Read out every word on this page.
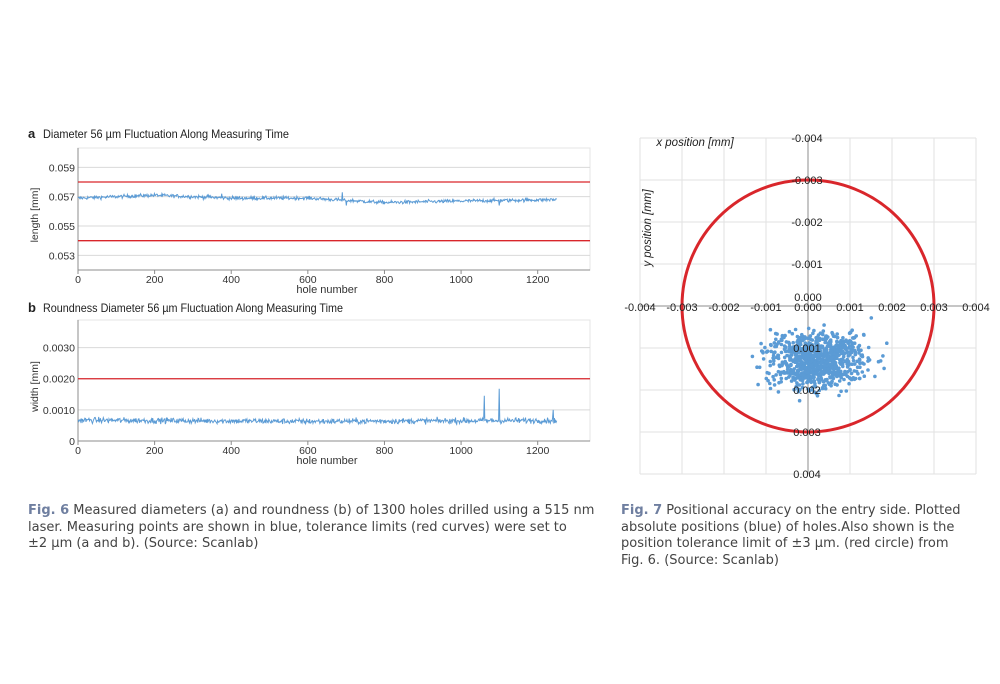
a Diameter 56 µm Fluctuation Along Measuring Time
0.053
0.055
0.057
0.059
0	200	400	600	800	1000	1200
hole number
length [mm]
b Roundness Diameter 56 µm Fluctuation Along Measuring Time
0
0.0010
0.0020
0.0030
0	200	400	600	800	1000	1200
hole number
width [mm]
-0.004 -0.003 -0.002 -0.001 0.000 0.001 0.002 0.003 0.004
-0.004
-0.003
-0.002
-0.001
0.001
0.002
0.003
0.004
0.000
x position [mm]
y position [mm]
Fig. 6 Measured diameters (a) and roundness (b) of 1300 holes drilled using a 515 nm
laser. Measuring points are shown in blue, tolerance limits (red curves) were set to
±2 µm (a and b). (Source: Scanlab)
Fig. 7 Positional accuracy on the entry side. Plotted
absolute positions (blue) of holes.Also shown is the
position tolerance limit of ±3 µm. (red circle) from
Fig. 6. (Source: Scanlab)
